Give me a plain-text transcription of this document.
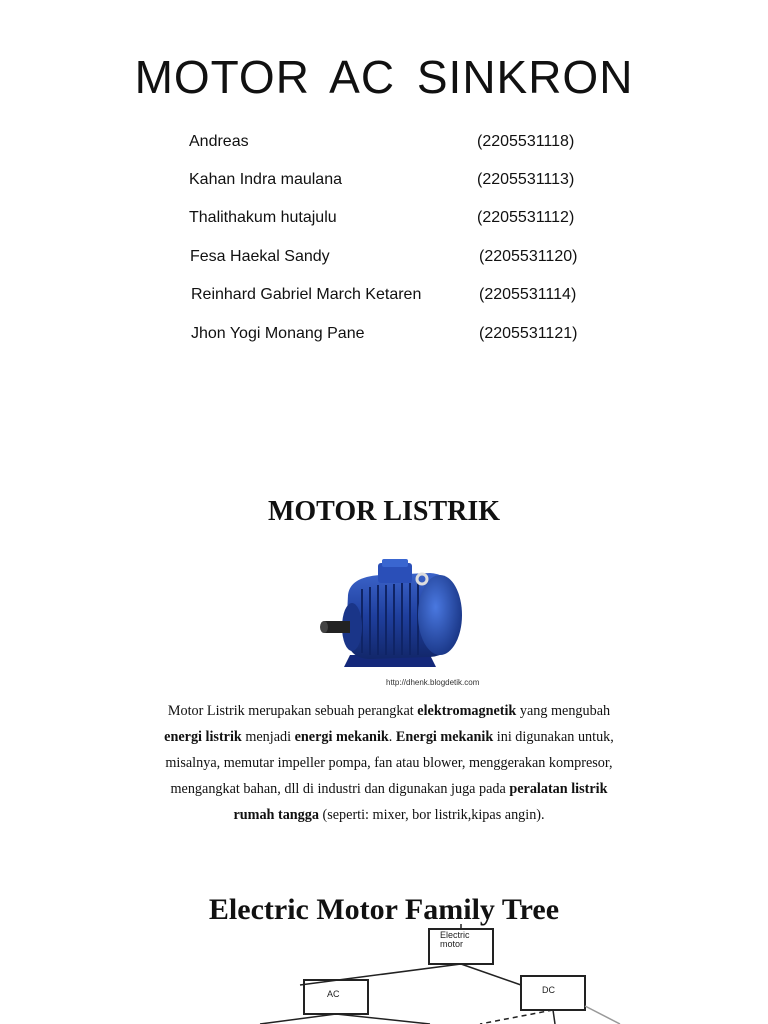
MOTOR AC SINKRON
Andreas	(2205531118)
Kahan Indra maulana	(2205531113)
Thalithakum hutajulu	(2205531112)
Fesa Haekal Sandy	(2205531120)
Reinhard Gabriel March Ketaren	(2205531114)
Jhon Yogi Monang Pane	(2205531121)
MOTOR LISTRIK
http://dhenk.blogdetik.com
Motor Listrik merupakan sebuah perangkat elektromagnetik yang mengubah energi listrik menjadi energi mekanik. Energi mekanik ini digunakan untuk, misalnya, memutar impeller pompa, fan atau blower, menggerakan kompresor, mengangkat bahan, dll di industri dan digunakan juga pada peralatan listrik rumah tangga (seperti: mixer, bor listrik,kipas angin).
Electric Motor Family Tree
Electric
motor
AC	DC
